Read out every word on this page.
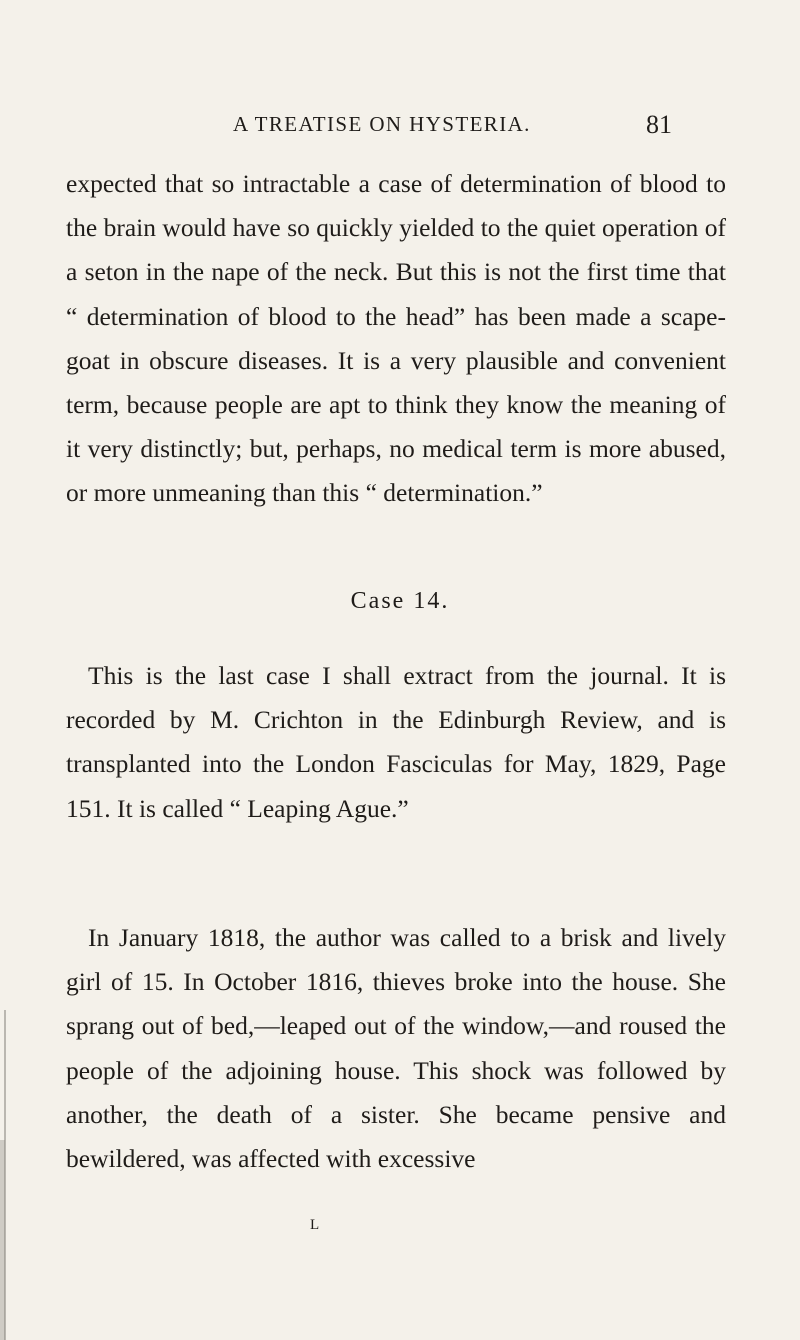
A TREATISE ON HYSTERIA.	81

expected that so intractable a case of determination of blood to the brain would have so quickly yielded to the quiet operation of a seton in the nape of the neck. But this is not the first time that “ determination of blood to the head” has been made a scape-goat in obscure diseases. It is a very plausible and convenient term, because people are apt to think they know the meaning of it very distinctly; but, perhaps, no medical term is more abused, or more unmeaning than this “ determination.”

Case 14.

This is the last case I shall extract from the journal. It is recorded by M. Crichton in the Edinburgh Review, and is transplanted into the London Fasciculas for May, 1829, Page 151. It is called “ Leaping Ague.”

In January 1818, the author was called to a brisk and lively girl of 15. In October 1816, thieves broke into the house. She sprang out of bed,—leaped out of the window,—and roused the people of the adjoining house. This shock was followed by another, the death of a sister. She became pensive and bewildered, was affected with excessive

L
